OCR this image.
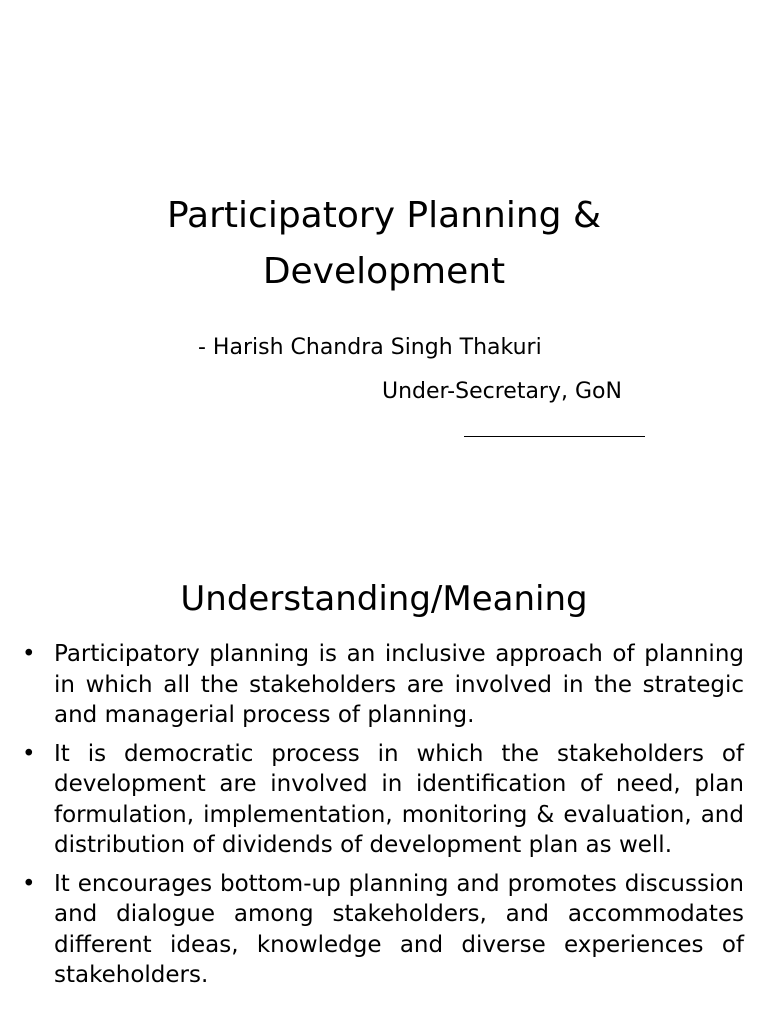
Participatory Planning &
Development
- Harish Chandra Singh Thakuri
Under-Secretary, GoN
Understanding/Meaning
• Participatory planning is an inclusive approach of planning in which all the stakeholders are involved in the strategic and managerial process of planning.
• It is democratic process in which the stakeholders of development are involved in identification of need, plan formulation, implementation, monitoring & evaluation, and distribution of dividends of development plan as well.
• It encourages bottom-up planning and promotes discussion and dialogue among stakeholders, and accommodates different ideas, knowledge and diverse experiences of stakeholders.
